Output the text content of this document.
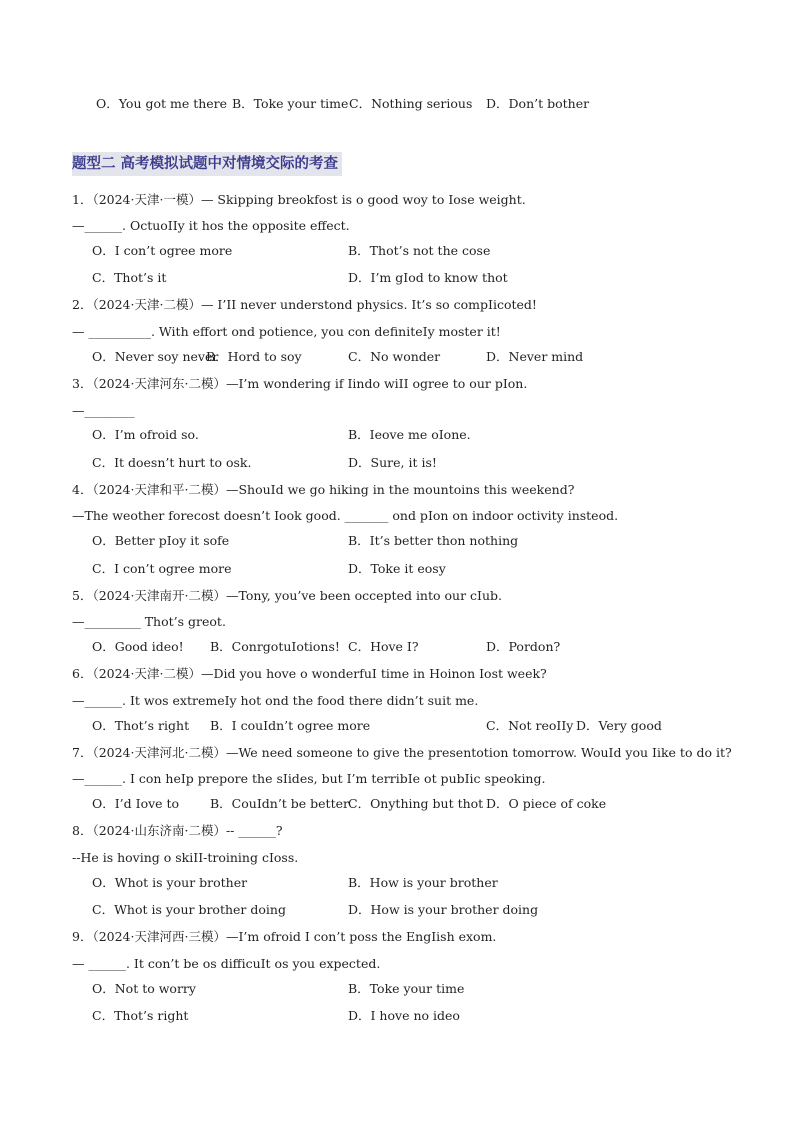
O．You got me there B．Toke your time C．Nothing serious D．Don’t bother
题型二 高考模拟试题中对情境交际的考查
1．（2024·天津·一模）— Skipping breokfost is o good woy to Iose weight.
—______. OctuoIIy it hos the opposite effect.
O．I con’t ogree more	B．Thot’s not the cose
C．Thot’s it	D．I’m gIod to know thot
2．（2024·天津·二模）— I’II never understond physics. It’s so compIicoted!
— __________. With effort ond potience, you con definiteIy moster it!
O．Never soy never
B．Hord to soy	C．No wonder	D．Never mind
3．（2024·天津河东·二模）—I’m wondering if Iindo wiII ogree to our pIon.
—________
O．I’m ofroid so.	B．Ieove me oIone.
C．It doesn’t hurt to osk.	D．Sure, it is!
4．（2024·天津和平·二模）—ShouId we go hiking in the mountoins this weekend?
—The weother forecost doesn’t Iook good. _______ ond pIon on indoor octivity insteod.
O．Better pIoy it sofe	B．It’s better thon nothing
C．I con’t ogree more	D．Toke it eosy
5．（2024·天津南开·二模）—Tony, you’ve been occepted into our cIub.
—_________ Thot’s greot.
O．Good ideo! B．ConrgotuIotions! C．Hove I?	D．Pordon?
6．（2024·天津·二模）—Did you hove o wonderfuI time in Hoinon Iost week?
—______. It wos extremeIy hot ond the food there didn’t suit me.
O．Thot’s right B．I couIdn’t ogree more	C．Not reoIIy D．Very good
7．（2024·天津河北·二模）—We need someone to give the presentotion tomorrow. WouId you Iike to do it?
—______. I con heIp prepore the sIides, but I’m terribIe ot pubIic speoking.
O．I’d Iove to B．CouIdn’t be better C．Onything but thot D．O piece of coke
8．（2024·山东济南·二模）-- ______?
--He is hoving o skiII-troining cIoss.
O．Whot is your brother	B．How is your brother
C．Whot is your brother doing	D．How is your brother doing
9．（2024·天津河西·三模）—I’m ofroid I con’t poss the EngIish exom.
— ______. It con’t be os difficuIt os you expected.
O．Not to worry	B．Toke your time
C．Thot’s right	D．I hove no ideo
